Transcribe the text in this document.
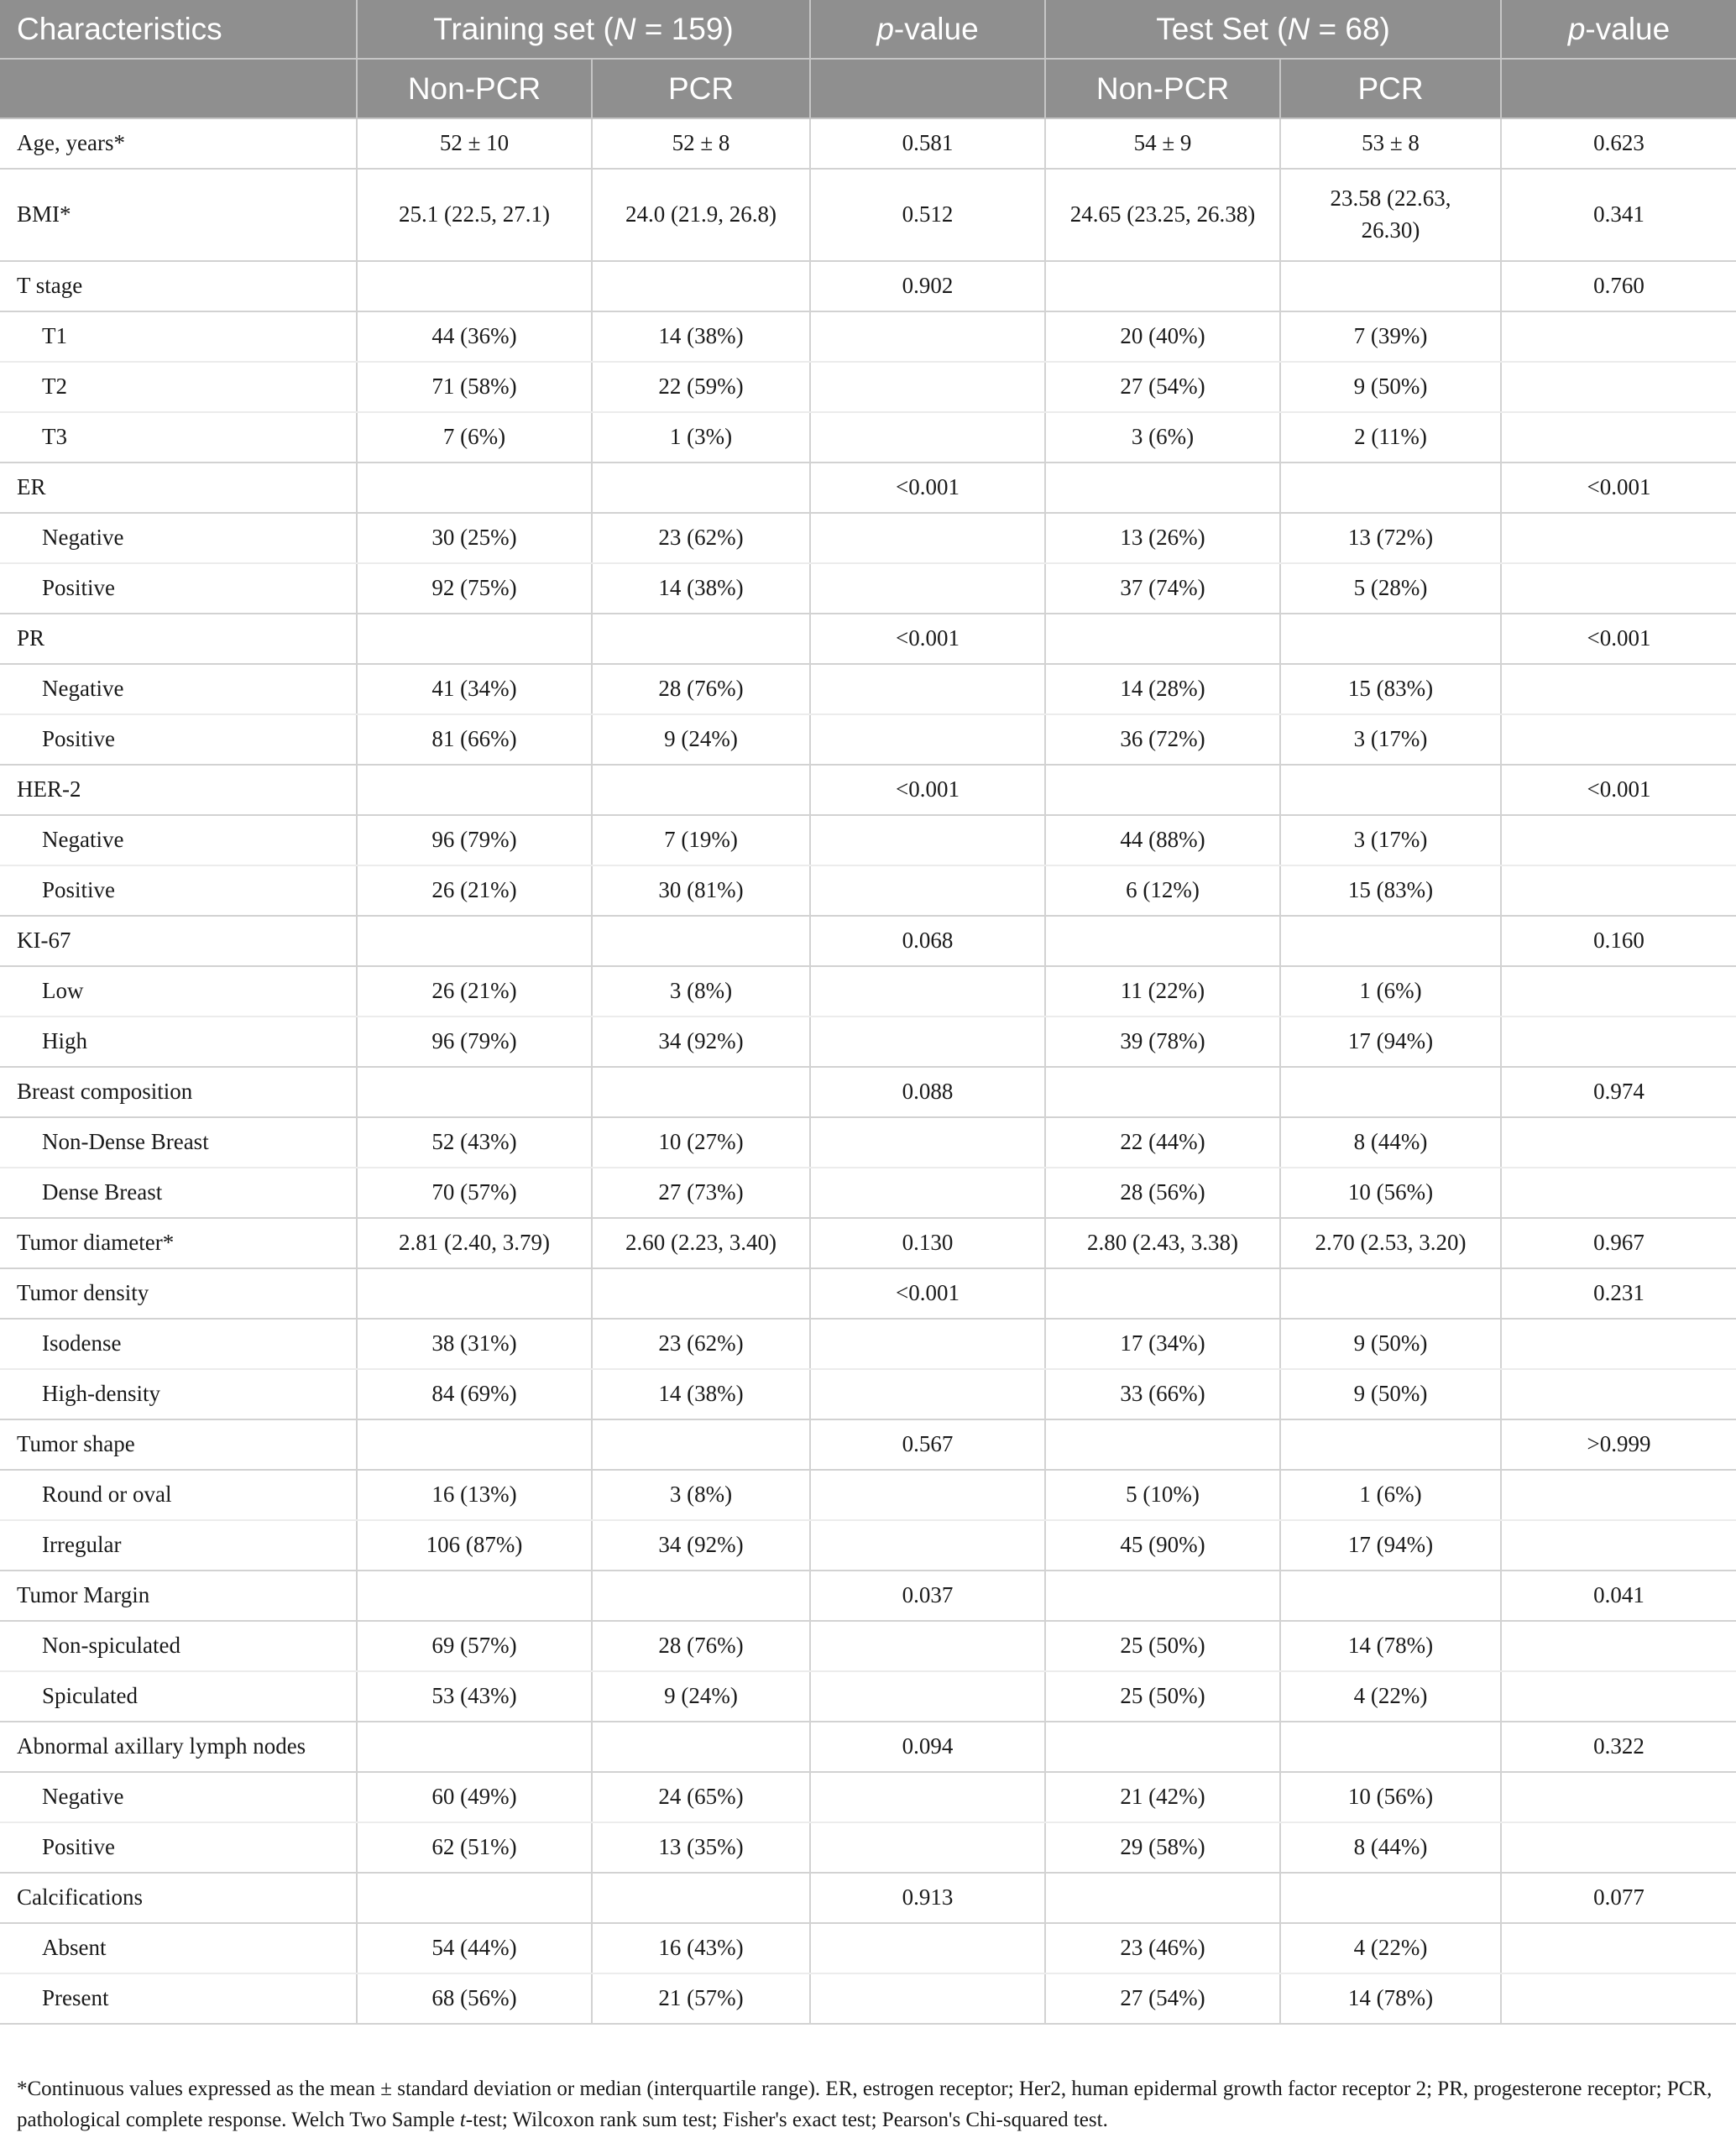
Characteristics	Training set (N = 159)		p-value	Test Set (N = 68)		p-value
	Non-PCR	PCR		Non-PCR	PCR	
Age, years*	52 ± 10	52 ± 8	0.581	54 ± 9	53 ± 8	0.623
BMI*	25.1 (22.5, 27.1)	24.0 (21.9, 26.8)	0.512	24.65 (23.25, 26.38)	23.58 (22.63, 26.30)	0.341
T stage			0.902			0.760
T1	44 (36%)	14 (38%)		20 (40%)	7 (39%)	
T2	71 (58%)	22 (59%)		27 (54%)	9 (50%)	
T3	7 (6%)	1 (3%)		3 (6%)	2 (11%)	
ER			<0.001			<0.001
Negative	30 (25%)	23 (62%)		13 (26%)	13 (72%)	
Positive	92 (75%)	14 (38%)		37 (74%)	5 (28%)	
PR			<0.001			<0.001
Negative	41 (34%)	28 (76%)		14 (28%)	15 (83%)	
Positive	81 (66%)	9 (24%)		36 (72%)	3 (17%)	
HER-2			<0.001			<0.001
Negative	96 (79%)	7 (19%)		44 (88%)	3 (17%)	
Positive	26 (21%)	30 (81%)		6 (12%)	15 (83%)	
KI-67			0.068			0.160
Low	26 (21%)	3 (8%)		11 (22%)	1 (6%)	
High	96 (79%)	34 (92%)		39 (78%)	17 (94%)	
Breast composition			0.088			0.974
Non-Dense Breast	52 (43%)	10 (27%)		22 (44%)	8 (44%)	
Dense Breast	70 (57%)	27 (73%)		28 (56%)	10 (56%)	
Tumor diameter*	2.81 (2.40, 3.79)	2.60 (2.23, 3.40)	0.130	2.80 (2.43, 3.38)	2.70 (2.53, 3.20)	0.967
Tumor density			<0.001			0.231
Isodense	38 (31%)	23 (62%)		17 (34%)	9 (50%)	
High-density	84 (69%)	14 (38%)		33 (66%)	9 (50%)	
Tumor shape			0.567			>0.999
Round or oval	16 (13%)	3 (8%)		5 (10%)	1 (6%)	
Irregular	106 (87%)	34 (92%)		45 (90%)	17 (94%)	
Tumor Margin			0.037			0.041
Non-spiculated	69 (57%)	28 (76%)		25 (50%)	14 (78%)	
Spiculated	53 (43%)	9 (24%)		25 (50%)	4 (22%)	
Abnormal axillary lymph nodes			0.094			0.322
Negative	60 (49%)	24 (65%)		21 (42%)	10 (56%)	
Positive	62 (51%)	13 (35%)		29 (58%)	8 (44%)	
Calcifications			0.913			0.077
Absent	54 (44%)	16 (43%)		23 (46%)	4 (22%)	
Present	68 (56%)	21 (57%)		27 (54%)	14 (78%)	
*Continuous values expressed as the mean ± standard deviation or median (interquartile range). ER, estrogen receptor; Her2, human epidermal growth factor receptor 2; PR, progesterone receptor; PCR, pathological complete response. Welch Two Sample t-test; Wilcoxon rank sum test; Fisher's exact test; Pearson's Chi-squared test.
